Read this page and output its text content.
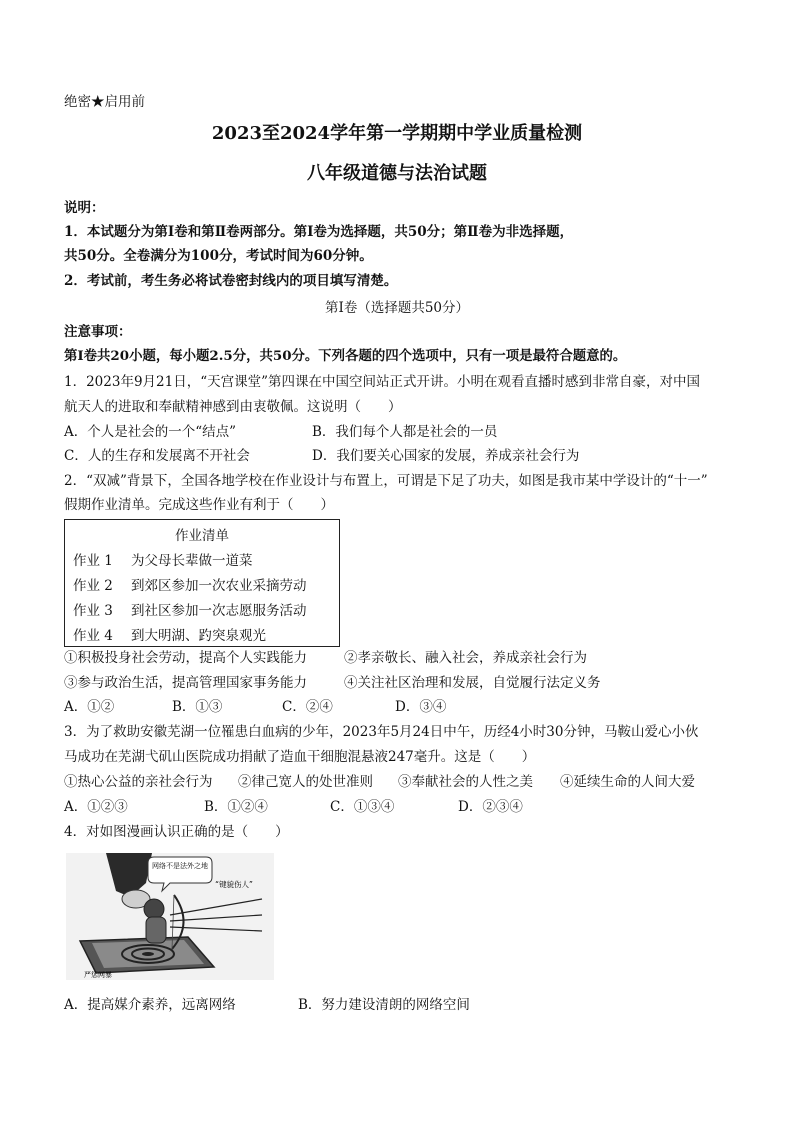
绝密★启用前
2023至2024学年第一学期期中学业质量检测
八年级道德与法治试题
说明：
1．本试题分为第Ⅰ卷和第Ⅱ卷两部分。第Ⅰ卷为选择题，共50分；第Ⅱ卷为非选择题，
共50分。全卷满分为100分，考试时间为60分钟。
2．考试前，考生务必将试卷密封线内的项目填写清楚。
第Ⅰ卷（选择题共50分）
注意事项：
第Ⅰ卷共20小题，每小题2.5分，共50分。下列各题的四个选项中，只有一项是最符合题意的。
1．2023年9月21日，“天宫课堂”第四课在中国空间站正式开讲。小明在观看直播时感到非常自豪，对中国
航天人的进取和奉献精神感到由衷敬佩。这说明（　　）
A．个人是社会的一个“结点”	B．我们每个人都是社会的一员
C．人的生存和发展离不开社会	D．我们要关心国家的发展，养成亲社会行为
2．“双减”背景下，全国各地学校在作业设计与布置上，可谓是下足了功夫，如图是我市某中学设计的“十一”
假期作业清单。完成这些作业有利于（　　）
作业清单
作业 1 为父母长辈做一道菜
作业 2 到郊区参加一次农业采摘劳动
作业 3 到社区参加一次志愿服务活动
作业 4 到大明湖、趵突泉观光
①积极投身社会劳动，提高个人实践能力	②孝亲敬长、融入社会，养成亲社会行为
③参与政治生活，提高管理国家事务能力	④关注社区治理和发展，自觉履行法定义务
A．①②	B．①③	C．②④	D．③④
3．为了救助安徽芜湖一位罹患白血病的少年，2023年5月24日中午，历经4小时30分钟，马鞍山爱心小伙
马成功在芜湖弋矶山医院成功捐献了造血干细胞混悬液247毫升。这是（　　）
①热心公益的亲社会行为 ②律己宽人的处世准则 ③奉献社会的人性之美 ④延续生命的人间大爱
A．①②③	B．①②④	C．①③④	D．②③④
4．对如图漫画认识正确的是（　　）
网络不是法外之地
“键貌伤人”
严惩网暴
A．提高媒介素养，远离网络	B．努力建设清朗的网络空间
